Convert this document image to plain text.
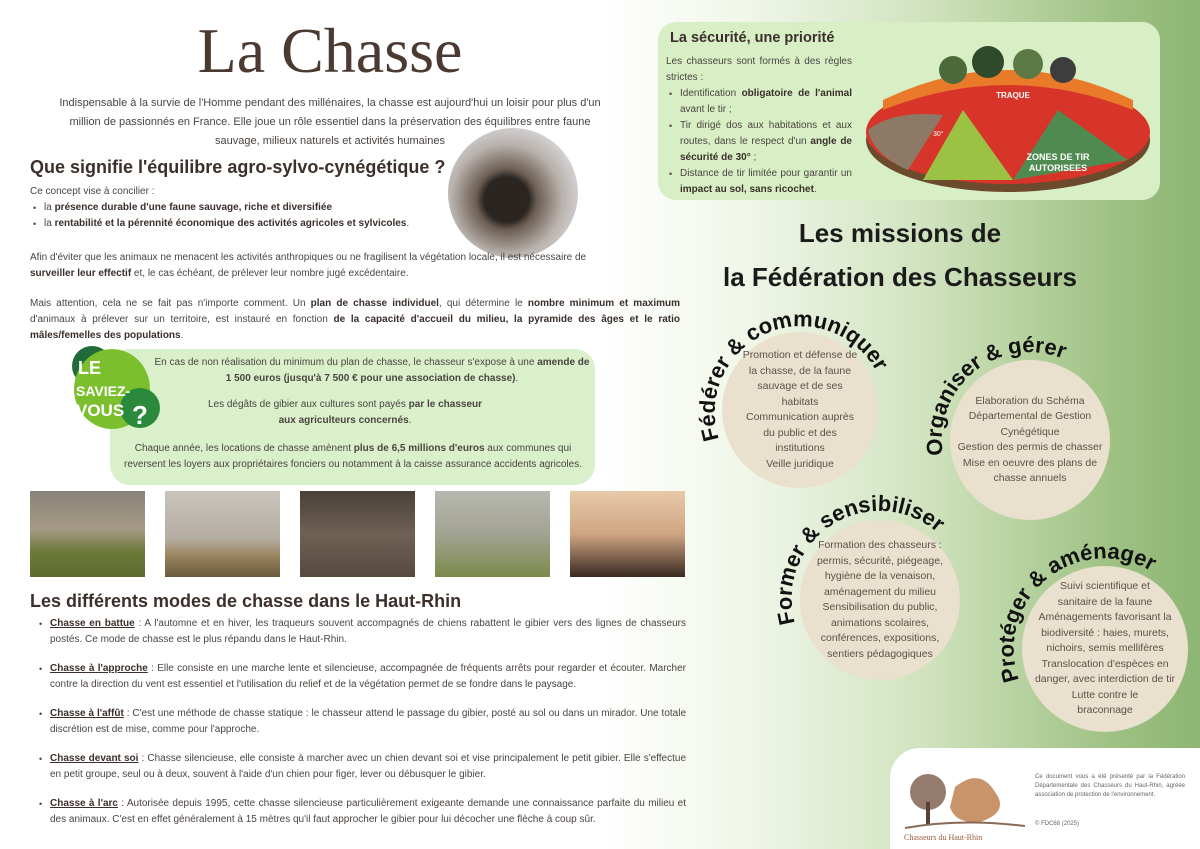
La Chasse

Indispensable à la survie de l'Homme pendant des millénaires, la chasse est aujourd'hui un loisir pour plus d'un million de passionnés en France. Elle joue un rôle essentiel dans la préservation des équilibres entre faune sauvage, milieux naturels et activités humaines

Que signifie l'équilibre agro-sylvo-cynégétique ?
Ce concept vise à concilier :
• la présence durable d'une faune sauvage, riche et diversifiée
• la rentabilité et la pérennité économique des activités agricoles et sylvicoles.

Afin d'éviter que les animaux ne menacent les activités anthropiques ou ne fragilisent la végétation locale, il est nécessaire de surveiller leur effectif et, le cas échéant, de prélever leur nombre jugé excédentaire.

Mais attention, cela ne se fait pas n'importe comment. Un plan de chasse individuel, qui détermine le nombre minimum et maximum d'animaux à prélever sur un territoire, est instauré en fonction de la capacité d'accueil du milieu, la pyramide des âges et le ratio mâles/femelles des populations.

En cas de non réalisation du minimum du plan de chasse, le chasseur s'expose à une amende de 1 500 euros (jusqu'à 7 500 € pour une association de chasse).

Les dégâts de gibier aux cultures sont payés par le chasseur aux agriculteurs concernés.

Chaque année, les locations de chasse amènent plus de 6,5 millions d'euros aux communes qui reversent les loyers aux propriétaires fonciers ou notamment à la caisse assurance accidents agricoles.

LE
SAVIEZ-
VOUS ?
Les différents modes de chasse dans le Haut-Rhin
• Chasse en battue : A l'automne et en hiver, les traqueurs souvent accompagnés de chiens rabattent le gibier vers des lignes de chasseurs postés. Ce mode de chasse est le plus répandu dans le Haut-Rhin.
• Chasse à l'approche : Elle consiste en une marche lente et silencieuse, accompagnée de fréquents arrêts pour regarder et écouter. Marcher contre la direction du vent est essentiel et l'utilisation du relief et de la végétation permet de se fondre dans le paysage.
• Chasse à l'affût : C'est une méthode de chasse statique : le chasseur attend le passage du gibier, posté au sol ou dans un mirador. Une totale discrétion est de mise, comme pour l'approche.
• Chasse devant soi : Chasse silencieuse, elle consiste à marcher avec un chien devant soi et vise principalement le petit gibier. Elle s'effectue en petit groupe, seul ou à deux, souvent à l'aide d'un chien pour figer, lever ou débusquer le gibier.
• Chasse à l'arc : Autorisée depuis 1995, cette chasse silencieuse particulièrement exigeante demande une connaissance parfaite du milieu et des animaux. C'est en effet généralement à 15 mètres qu'il faut approcher le gibier pour lui décocher une flèche à coup sûr.
La sécurité, une priorité
Les chasseurs sont formés à des règles strictes :
• Identification obligatoire de l'animal avant le tir ;
• Tir dirigé dos aux habitations et aux routes, dans le respect d'un angle de sécurité de 30° ;
• Distance de tir limitée pour garantir un impact au sol, sans ricochet.
TRAQUE
30°
ZONES DE TIR
AUTORISEES
Les missions de
la Fédération des Chasseurs
Promotion et défense de
la chasse, de la faune
sauvage et de ses
habitats
Communication auprès
du public et des
institutions
Veille juridique
Elaboration du Schéma
Départemental de Gestion
Cynégétique
Gestion des permis de chasser
Mise en oeuvre des plans de
chasse annuels
Formation des chasseurs :
permis, sécurité, piégeage,
hygiène de la venaison,
aménagement du milieu
Sensibilisation du public,
animations scolaires,
conférences, expositions,
sentiers pédagogiques
Suivi scientifique et
sanitaire de la faune
Aménagements favorisant la
biodiversité : haies, murets,
nichoirs, semis mellifères
Translocation d'espèces en
danger, avec interdiction de tir
Lutte contre le
braconnage
Fédérer & communiquer
Organiser & gérer
Former & sensibiliser
Protéger & aménager
Chasseurs du Haut-Rhin

Ce document vous a été présenté par la Fédération Départementale des Chasseurs du Haut-Rhin, agréée association de protection de l'environnement.

© FDC68 (2025)
